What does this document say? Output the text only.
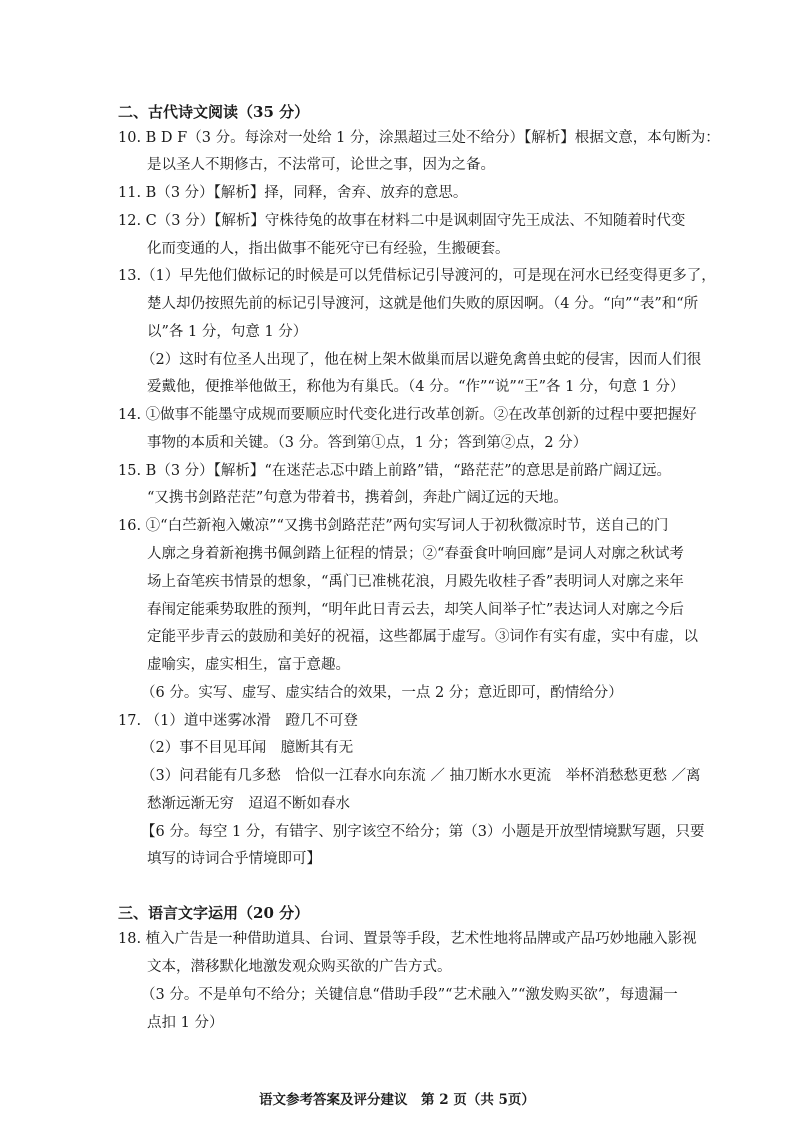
二、古代诗文阅读（35 分）
10. B D F（3 分。每涂对一处给 1 分，涂黑超过三处不给分）【解析】根据文意，本句断为：
是以圣人不期修古，不法常可，论世之事，因为之备。
11. B（3 分）【解析】择，同释，舍弃、放弃的意思。
12. C（3 分）【解析】守株待兔的故事在材料二中是讽刺固守先王成法、不知随着时代变
化而变通的人，指出做事不能死守已有经验，生搬硬套。
13.（1）早先他们做标记的时候是可以凭借标记引导渡河的，可是现在河水已经变得更多了，
楚人却仍按照先前的标记引导渡河，这就是他们失败的原因啊。（4 分。“向”“表”和“所
以”各 1 分，句意 1 分）
（2）这时有位圣人出现了，他在树上架木做巢而居以避免禽兽虫蛇的侵害，因而人们很
爱戴他，便推举他做王，称他为有巢氏。（4 分。“作”“说”“王”各 1 分，句意 1 分）
14. ①做事不能墨守成规而要顺应时代变化进行改革创新。②在改革创新的过程中要把握好
事物的本质和关键。（3 分。答到第①点，1 分；答到第②点，2 分）
15. B（3 分）【解析】“在迷茫忐忑中踏上前路”错，“路茫茫”的意思是前路广阔辽远。
“又携书剑路茫茫”句意为带着书，携着剑，奔赴广阔辽远的天地。
16. ①“白苎新袍入嫩凉”“又携书剑路茫茫”两句实写词人于初秋微凉时节，送自己的门
人廓之身着新袍携书佩剑踏上征程的情景；②“春蚕食叶响回廊”是词人对廓之秋试考
场上奋笔疾书情景的想象，“禹门已准桃花浪，月殿先收桂子香”表明词人对廓之来年
春闱定能乘势取胜的预判，“明年此日青云去，却笑人间举子忙”表达词人对廓之今后
定能平步青云的鼓励和美好的祝福，这些都属于虚写。③词作有实有虚，实中有虚，以
虚喻实，虚实相生，富于意趣。
（6 分。实写、虚写、虚实结合的效果，一点 2 分；意近即可，酌情给分）
17. （1）道中迷雾冰滑　蹬几不可登
（2）事不目见耳闻　臆断其有无
（3）问君能有几多愁　恰似一江春水向东流 ／ 抽刀断水水更流　举杯消愁愁更愁 ／离
愁渐远渐无穷　迢迢不断如春水
【6 分。每空 1 分，有错字、别字该空不给分；第（3）小题是开放型情境默写题，只要
填写的诗词合乎情境即可】
三、语言文字运用（20 分）
18. 植入广告是一种借助道具、台词、置景等手段，艺术性地将品牌或产品巧妙地融入影视
文本，潜移默化地激发观众购买欲的广告方式。
（3 分。不是单句不给分；关键信息“借助手段”“艺术融入”“激发购买欲”，每遗漏一
点扣 1 分）
语文参考答案及评分建议　第 2 页（共 5页）
